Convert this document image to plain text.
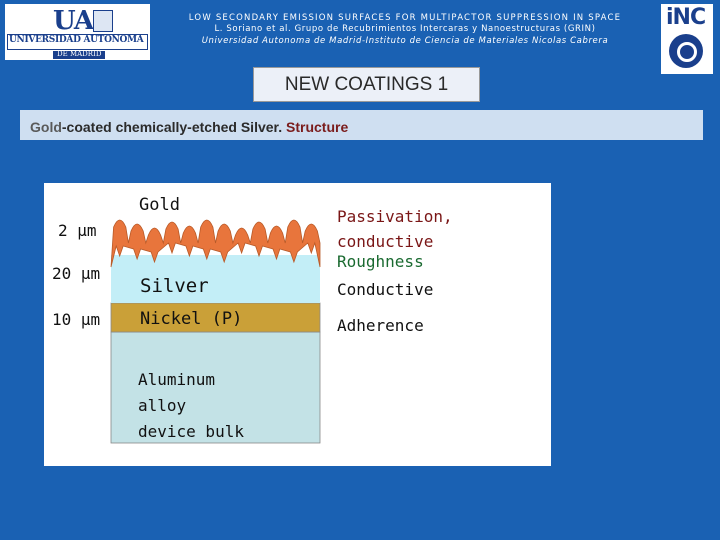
UA
UNIVERSIDAD AUTONOMA
DE MADRID
iNC
LOW SECONDARY EMISSION SURFACES FOR MULTIPACTOR SUPPRESSION IN SPACE
L. Soriano et al. Grupo de Recubrimientos Intercaras y Nanoestructuras (GRIN)
Universidad Autonoma de Madrid-Instituto de Ciencia de Materiales Nicolas Cabrera
NEW COATINGS 1
Gold-coated chemically-etched Silver. Structure
Gold
Silver
Nickel (P)
Aluminum
alloy
device bulk
2 μm
20 μm
10 μm
Passivation,
conductive
Roughness
Conductive
Adherence
